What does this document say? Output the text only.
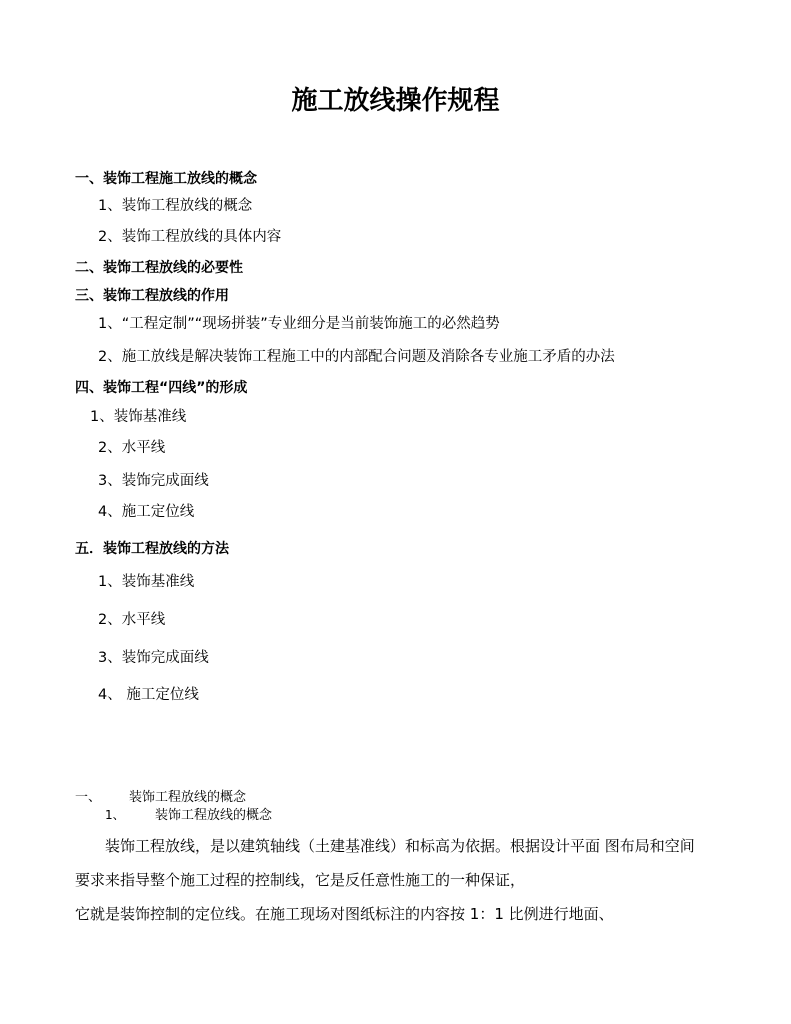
施工放线操作规程
一、装饰工程施工放线的概念
1、装饰工程放线的概念
2、装饰工程放线的具体内容
二、装饰工程放线的必要性
三、装饰工程放线的作用
1、“工程定制”“现场拼装”专业细分是当前装饰施工的必然趋势
2、施工放线是解决装饰工程施工中的内部配合问题及消除各专业施工矛盾的办法
四、装饰工程“四线”的形成
1、装饰基准线
2、水平线
3、装饰完成面线
4、施工定位线
五．装饰工程放线的方法
1、装饰基准线
2、水平线
3、装饰完成面线
4、 施工定位线
一、 装饰工程放线的概念
1、 装饰工程放线的概念
装饰工程放线，是以建筑轴线（土建基准线）和标高为依据。根据设计平面 图布局和空间
要求来指导整个施工过程的控制线，它是反任意性施工的一种保证，
它就是装饰控制的定位线。在施工现场对图纸标注的内容按 1：1 比例进行地面、
